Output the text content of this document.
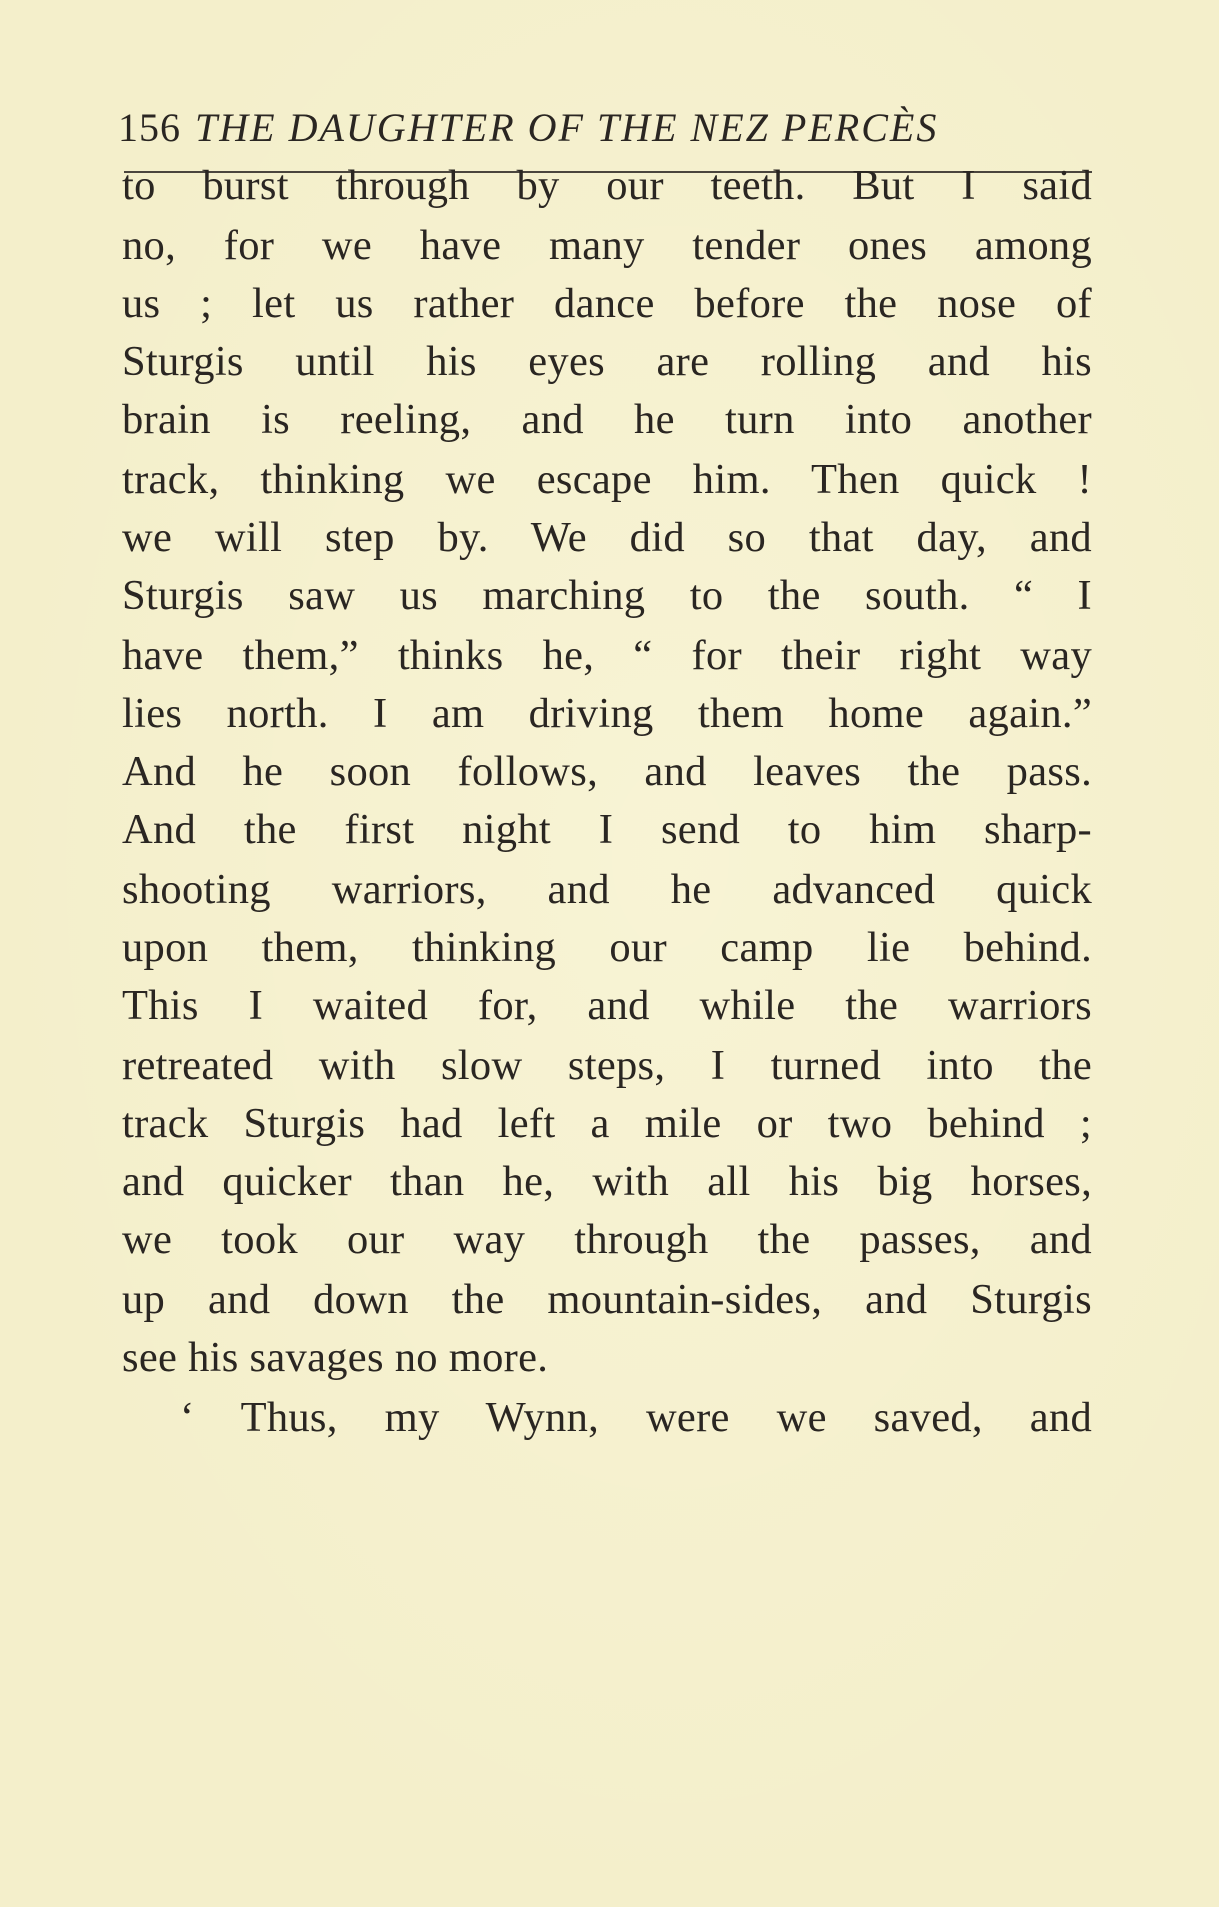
156 THE DAUGHTER OF THE NEZ PERCÈS
to burst through by our teeth. But I said
no, for we have many tender ones among
us ; let us rather dance before the nose of
Sturgis until his eyes are rolling and his
brain is reeling, and he turn into another
track, thinking we escape him. Then quick !
we will step by. We did so that day, and
Sturgis saw us marching to the south. “ I
have them,” thinks he, “ for their right way
lies north. I am driving them home again.”
And he soon follows, and leaves the pass.
And the first night I send to him sharp-
shooting warriors, and he advanced quick
upon them, thinking our camp lie behind.
This I waited for, and while the warriors
retreated with slow steps, I turned into the
track Sturgis had left a mile or two behind ;
and quicker than he, with all his big horses,
we took our way through the passes, and
up and down the mountain-sides, and Sturgis
see his savages no more.
‘ Thus, my Wynn, were we saved, and
